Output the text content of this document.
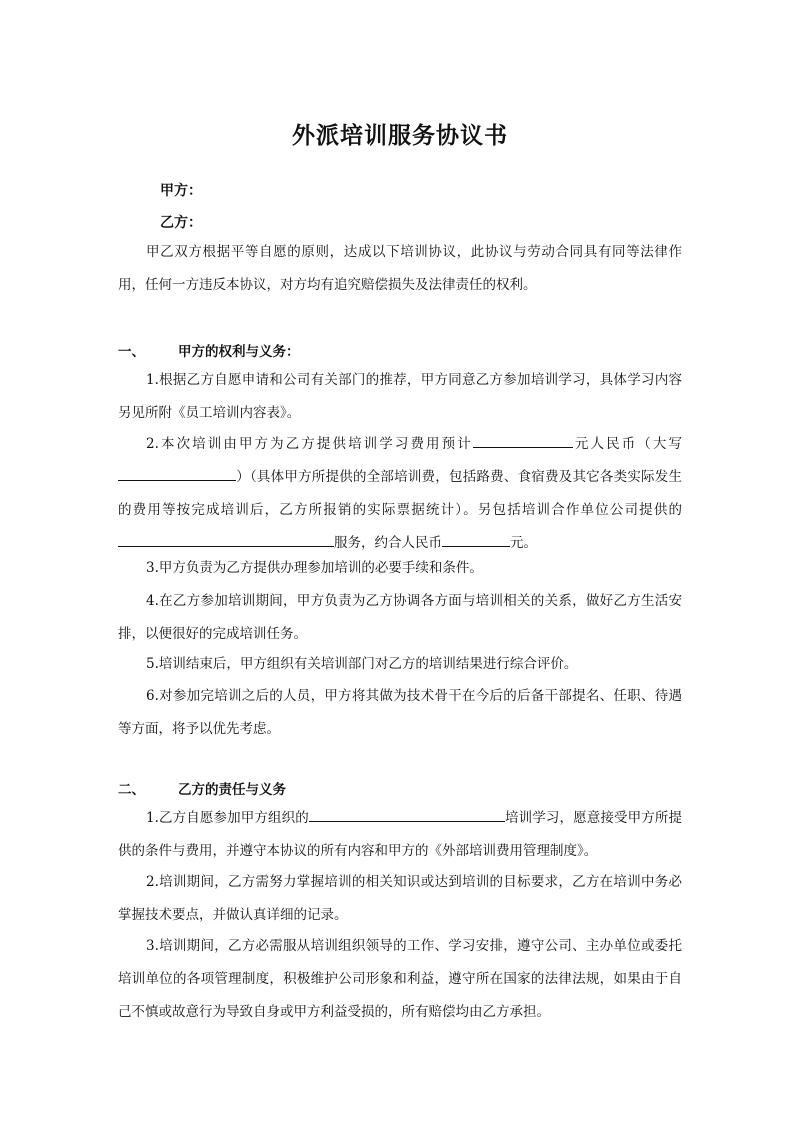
外派培训服务协议书
甲方：
乙方：
甲乙双方根据平等自愿的原则，达成以下培训协议，此协议与劳动合同具有同等法律作用，任何一方违反本协议，对方均有追究赔偿损失及法律责任的权利。
一、 甲方的权利与义务：
1.根据乙方自愿申请和公司有关部门的推荐，甲方同意乙方参加培训学习，具体学习内容另见所附《员工培训内容表》。
2.本次培训由甲方为乙方提供培训学习费用预计	元人民币（大写）（具体甲方所提供的全部培训费，包括路费、食宿费及其它各类实际发生的费用等按完成培训后，乙方所报销的实际票据统计）。另包括培训合作单位公司提供的服务，约合人民币	元。
3.甲方负责为乙方提供办理参加培训的必要手续和条件。
4.在乙方参加培训期间，甲方负责为乙方协调各方面与培训相关的关系，做好乙方生活安排，以便很好的完成培训任务。
5.培训结束后，甲方组织有关培训部门对乙方的培训结果进行综合评价。
6.对参加完培训之后的人员，甲方将其做为技术骨干在今后的后备干部提名、任职、待遇等方面，将予以优先考虑。
二、 乙方的责任与义务
1.乙方自愿参加甲方组织的	培训学习，愿意接受甲方所提供的条件与费用，并遵守本协议的所有内容和甲方的《外部培训费用管理制度》。
2.培训期间，乙方需努力掌握培训的相关知识或达到培训的目标要求，乙方在培训中务必掌握技术要点，并做认真详细的记录。
3.培训期间，乙方必需服从培训组织领导的工作、学习安排，遵守公司、主办单位或委托培训单位的各项管理制度，积极维护公司形象和利益，遵守所在国家的法律法规，如果由于自己不慎或故意行为导致自身或甲方利益受损的，所有赔偿均由乙方承担。
